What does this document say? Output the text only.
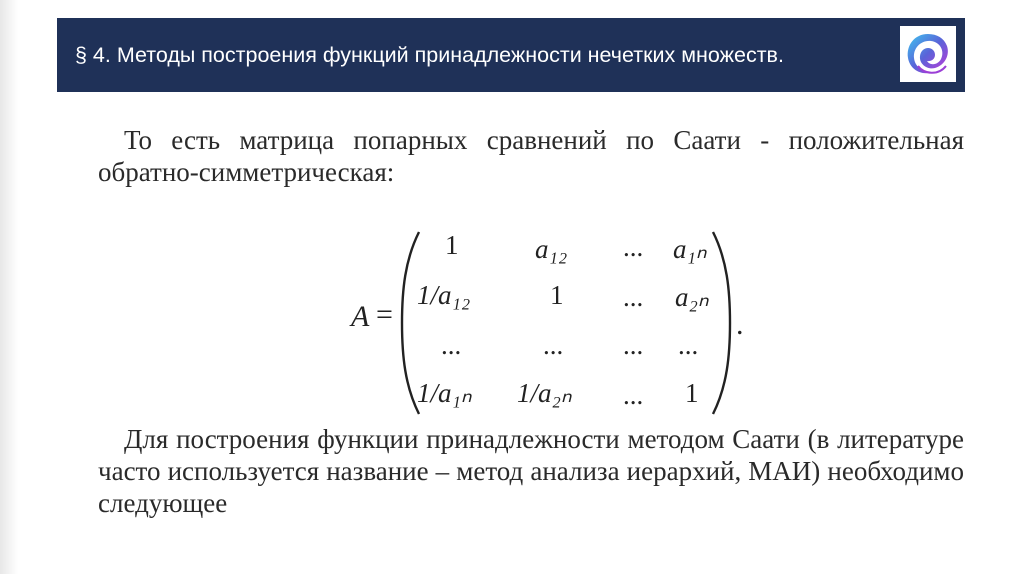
§ 4. Методы построения функций принадлежности нечетких множеств.
То есть матрица попарных сравнений по Саати - положительная обратно-симметрическая:
A =
1	a₁₂ ... a₁ₙ
1/a₁₂	1 ... a₂ₙ
...	... ... ...
1/a₁ₙ 1/a₂ₙ ... 1
.
Для построения функции принадлежности методом Саати (в литературе часто используется название – метод анализа иерархий, МАИ) необходимо следующее
